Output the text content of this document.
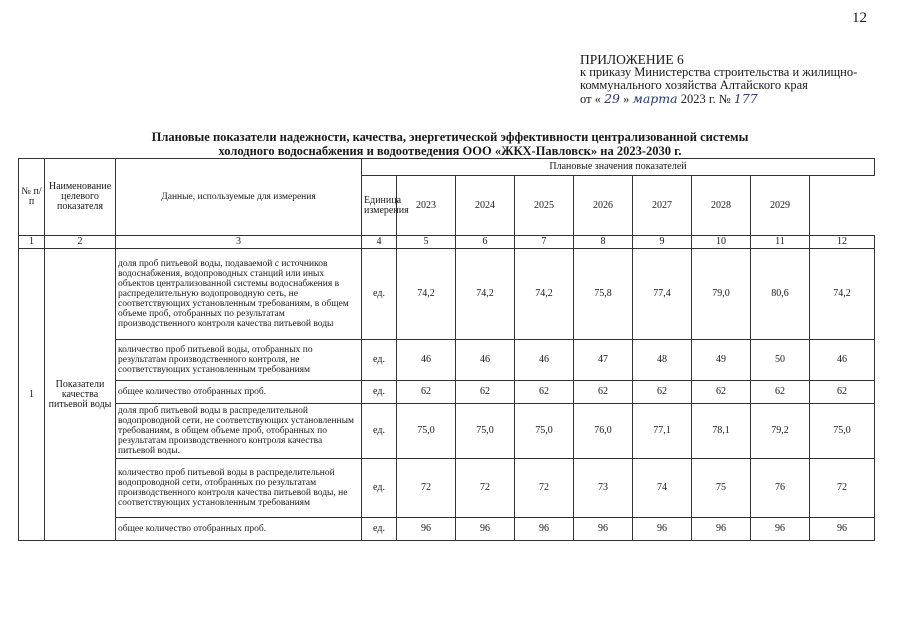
12
ПРИЛОЖЕНИЕ 6
к приказу Министерства строительства и жилищно-
коммунального хозяйства Алтайского края
от « 29 » марта 2023 г. № 177
Плановые показатели надежности, качества, энергетической эффективности централизованной системы
холодного водоснабжения и водоотведения ООО «ЖКХ-Павловск» на 2023-2030 г.
№ п/п	Наименование целевого показателя	Данные, используемые для измерения	Плановые значения показателей								
			Единица измерения	2023	2024	2025	2026	2027	2028	2029	
1	2	3	4	5	6	7	8	9	10	11	12
1	Показатели качества питьевой воды	доля проб питьевой воды, подаваемой с источников водоснабжения, водопроводных станций или иных объектов централизованной системы водоснабжения в распределительную водопроводную сеть, не соответствующих установленным требованиям, в общем объеме проб, отобранных по результатам производственного контроля качества питьевой воды	ед.	74,2	74,2	74,2	75,8	77,4	79,0	80,6	74,2
		количество проб питьевой воды, отобранных по результатам производственного контроля, не соответствующих установленным требованиям	ед.	46	46	46	47	48	49	50	46
		общее количество отобранных проб.	ед.	62	62	62	62	62	62	62	62
		доля проб питьевой воды в распределительной водопроводной сети, не соответствующих установленным требованиям, в общем объеме проб, отобранных по результатам производственного контроля качества питьевой воды.	ед.	75,0	75,0	75,0	76,0	77,1	78,1	79,2	75,0
		количество проб питьевой воды в распределительной водопроводной сети, отобранных по результатам производственного контроля качества питьевой воды, не соответствующих установленным требованиям	ед.	72	72	72	73	74	75	76	72
		общее количество отобранных проб.	ед.	96	96	96	96	96	96	96	96
